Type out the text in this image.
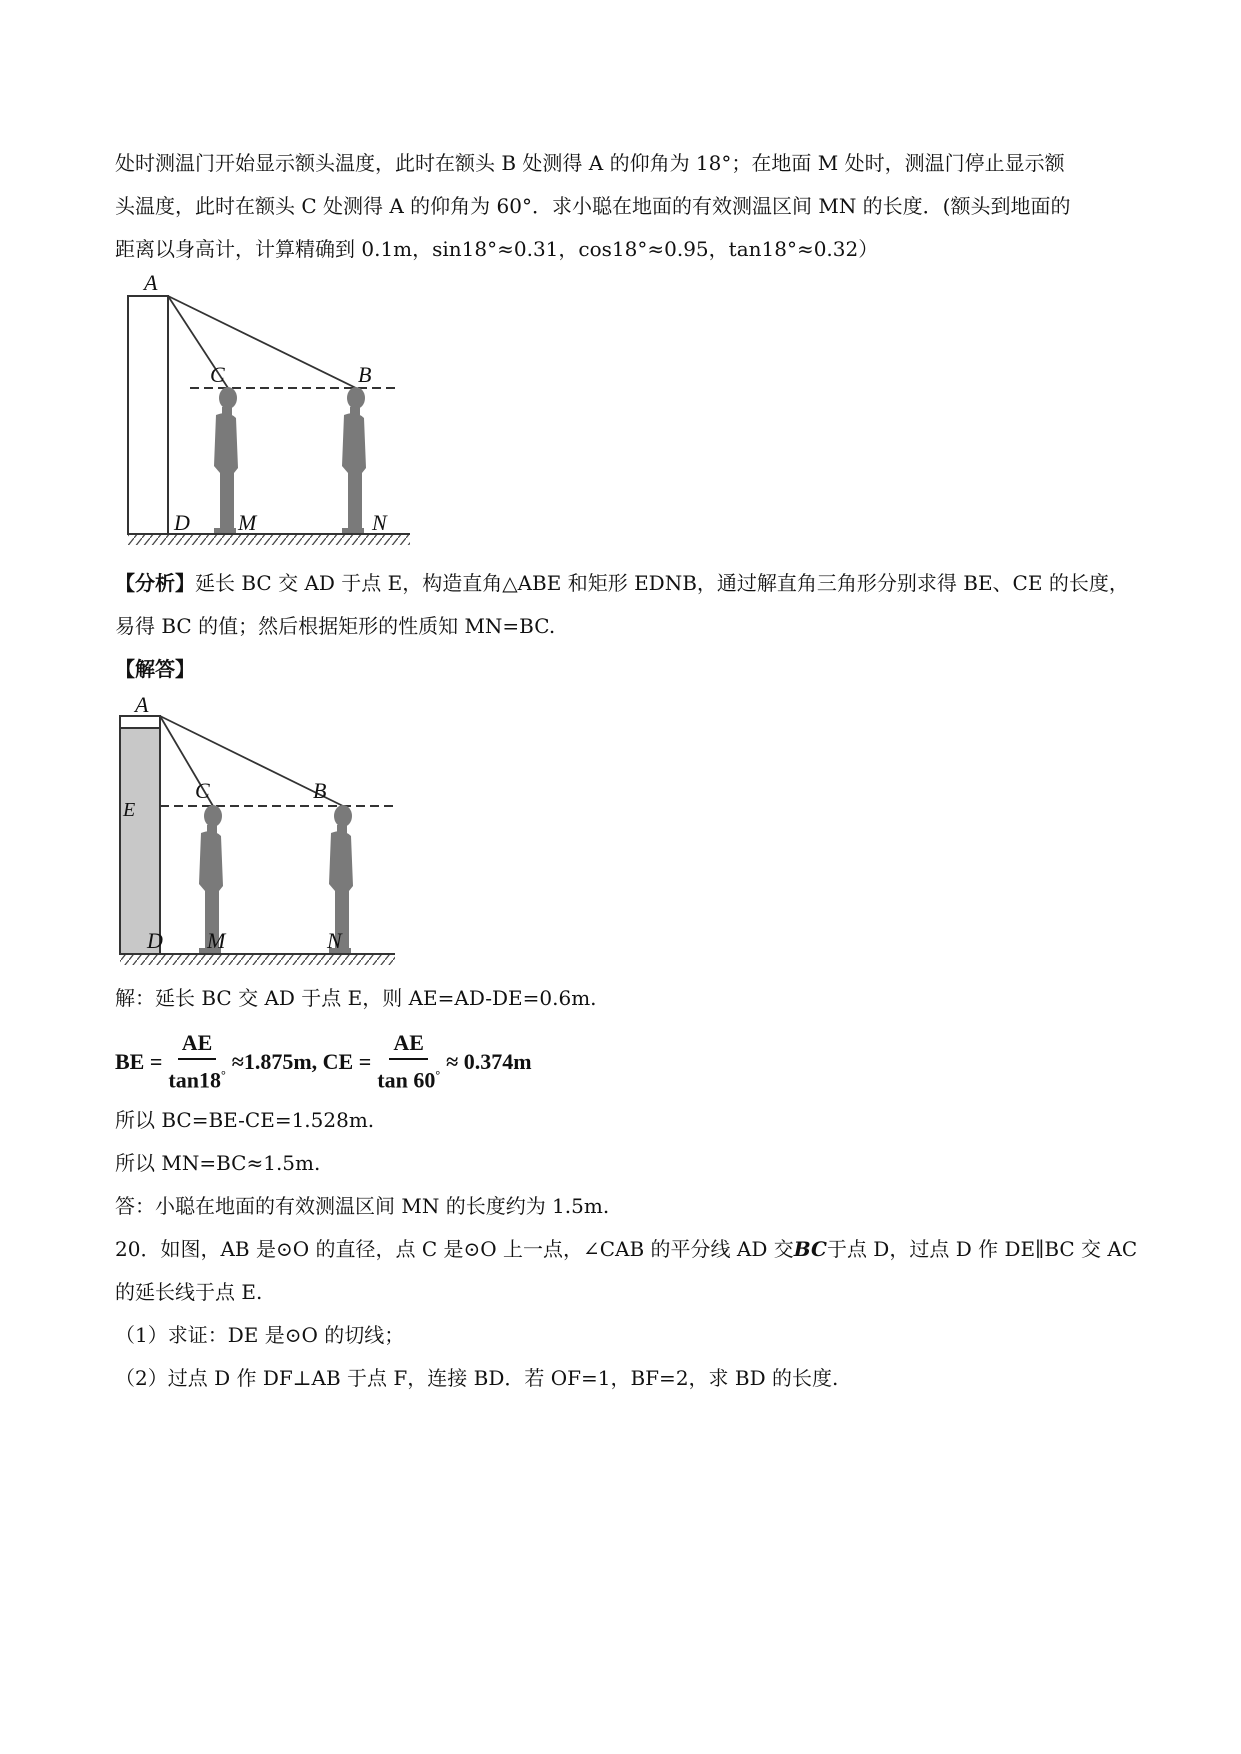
处时测温门开始显示额头温度，此时在额头 B 处测得 A 的仰角为 18°；在地面 M 处时，测温门停止显示额
头温度，此时在额头 C 处测得 A 的仰角为 60°．求小聪在地面的有效测温区间 MN 的长度．(额头到地面的
距离以身高计，计算精确到 0.1m，sin18°≈0.31，cos18°≈0.95，tan18°≈0.32）
A
C	B
D M	N
【分析】延长 BC 交 AD 于点 E，构造直角△ABE 和矩形 EDNB，通过解直角三角形分别求得 BE、CE 的长度，
易得 BC 的值；然后根据矩形的性质知 MN=BC.
【解答】
A
E
C	B
D M	N
解：延长 BC 交 AD 于点 E，则 AE=AD-DE=0.6m.
BE = $\frac{AE}{\tan 18^\circ} \approx 1.875m$, CE = $\frac{AE}{\tan 60^\circ} \approx 0.374m$
所以 BC=BE-CE=1.528m.
所以 MN=BC≈1.5m.
答：小聪在地面的有效测温区间 MN 的长度约为 1.5m.
20．如图，AB 是⊙O 的直径，点 C 是⊙O 上一点，∠CAB 的平分线 AD 交BC于点 D，过点 D 作 DE∥BC 交 AC
的延长线于点 E.
（1）求证：DE 是⊙O 的切线；
（2）过点 D 作 DF⊥AB 于点 F，连接 BD．若 OF=1，BF=2，求 BD 的长度.
